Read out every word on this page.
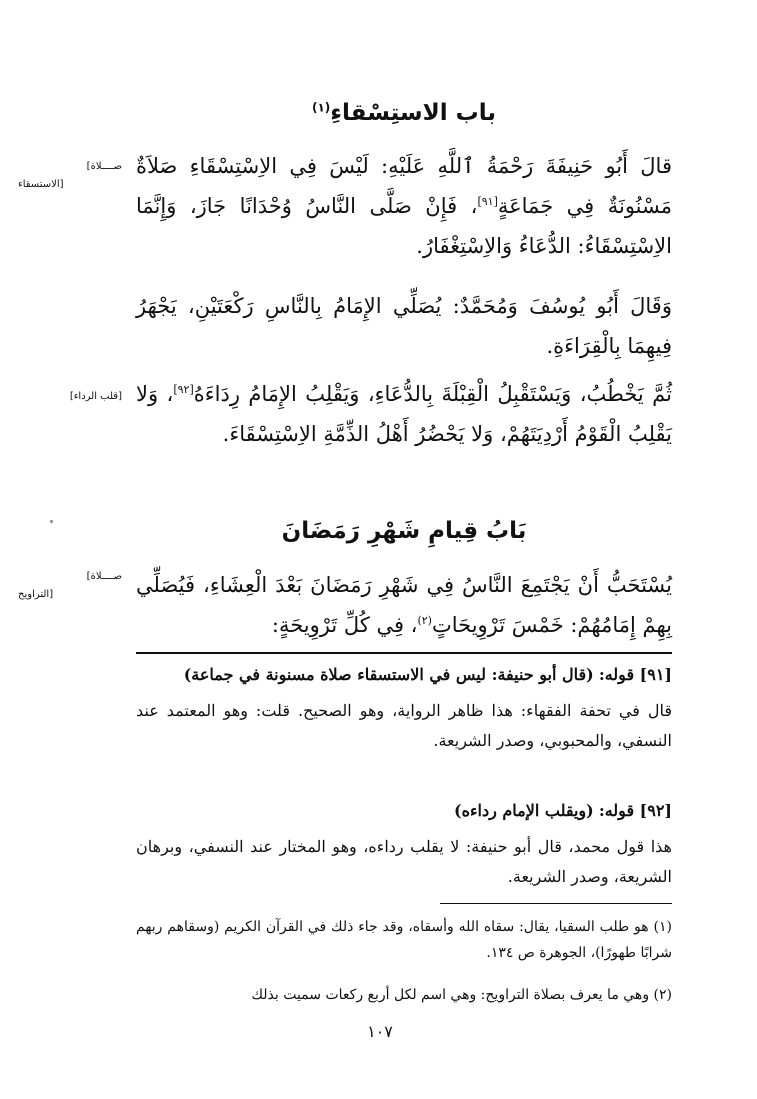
باب الاستِسْقاءِ$^{(١)}$

قالَ أَبُو حَنِيفَةَ رَحْمَةُ ٱللَّهِ عَلَيْهِ: لَيْسَ فِي الاِسْتِسْقَاءِ صَلاَةٌ مَسْنُونَةٌ فِي جَمَاعَةٍ[٩١]، فَإِنْ صَلَّى النَّاسُ وُحْدَانًا جَازَ، وَإِنَّمَا الاِسْتِسْقَاءُ: الدُّعَاءُ وَالاِسْتِغْفَارُ.

[صــــلاة
الاستسقاء]

وَقَالَ أَبُو يُوسُفَ وَمُحَمَّدٌ: يُصَلِّي الإِمَامُ بِالنَّاسِ رَكْعَتَيْنِ، يَجْهَرُ فِيهِمَا بِالْقِرَاءَةِ.

ثُمَّ يَخْطُبُ، وَيَسْتَقْبِلُ الْقِبْلَةَ بِالدُّعَاءِ، وَيَقْلِبُ الإِمَامُ رِدَاءَهُ[٩٢]، وَلا يَقْلِبُ الْقَوْمُ أَرْدِيَتَهُمْ، وَلا يَحْضُرُ أَهْلُ الذِّمَّةِ الاِسْتِسْقَاءَ.

[قلب الرداء]
بَابُ قِيامِ شَهْرِ رَمَضَانَ

يُسْتَحَبُّ أَنْ يَجْتَمِعَ النَّاسُ فِي شَهْرِ رَمَضَانَ بَعْدَ الْعِشَاءِ، فَيُصَلِّي بِهِمْ إِمَامُهُمْ: خَمْسَ تَرْوِيحَاتٍ$^{(٢)}$، فِي كُلِّ تَرْوِيحَةٍ:

[صــــلاة
التراويح]

[٩١] قوله: (قال أبو حنيفة: ليس في الاستسقاء صلاة مسنونة في جماعة)

قال في تحفة الفقهاء: هذا ظاهر الرواية، وهو الصحيح. قلت: وهو المعتمد عند النسفي، والمحبوبي، وصدر الشريعة.

[٩٢] قوله: (ويقلب الإمام رداءه)

هذا قول محمد، قال أبو حنيفة: لا يقلب رداءه، وهو المختار عند النسفي، وبرهان الشريعة، وصدر الشريعة.

(١) هو طلب السقيا، يقال: سقاه الله وأسقاه، وقد جاء ذلك في القرآن الكريم (وسقاهم ربهم شرابًا طهورًا)، الجوهرة ص ١٣٤.

(٢) وهي ما يعرف بصلاة التراويح: وهي اسم لكل أربع ركعات سميت بذلك

١٠٧
